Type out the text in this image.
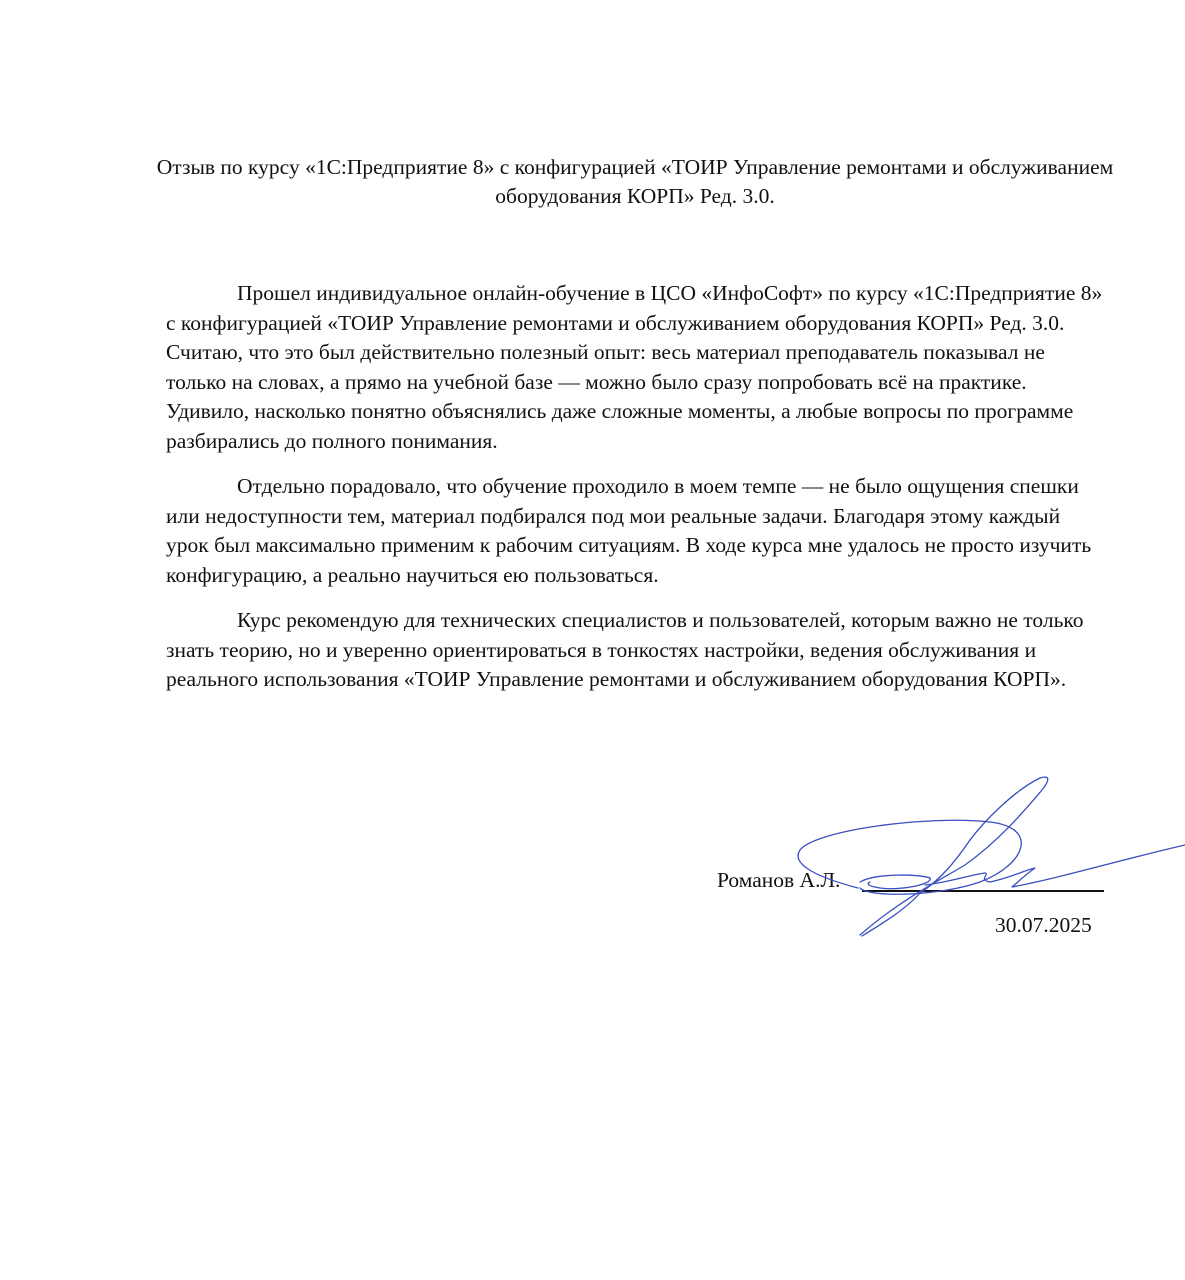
Отзыв по курсу «1С:Предприятие 8» с конфигурацией «ТОИР Управление ремонтами и обслуживанием оборудования КОРП» Ред. 3.0.

Прошел индивидуальное онлайн-обучение в ЦСО «ИнфоСофт» по курсу «1С:Предприятие 8» с конфигурацией «ТОИР Управление ремонтами и обслуживанием оборудования КОРП» Ред. 3.0. Считаю, что это был действительно полезный опыт: весь материал преподаватель показывал не только на словах, а прямо на учебной базе — можно было сразу попробовать всё на практике. Удивило, насколько понятно объяснялись даже сложные моменты, а любые вопросы по программе разбирались до полного понимания.

Отдельно порадовало, что обучение проходило в моем темпе — не было ощущения спешки или недоступности тем, материал подбирался под мои реальные задачи. Благодаря этому каждый урок был максимально применим к рабочим ситуациям. В ходе курса мне удалось не просто изучить конфигурацию, а реально научиться ею пользоваться.

Курс рекомендую для технических специалистов и пользователей, которым важно не только знать теорию, но и уверенно ориентироваться в тонкостях настройки, ведения обслуживания и реального использования «ТОИР Управление ремонтами и обслуживанием оборудования КОРП».

Романов А.Л.
30.07.2025
